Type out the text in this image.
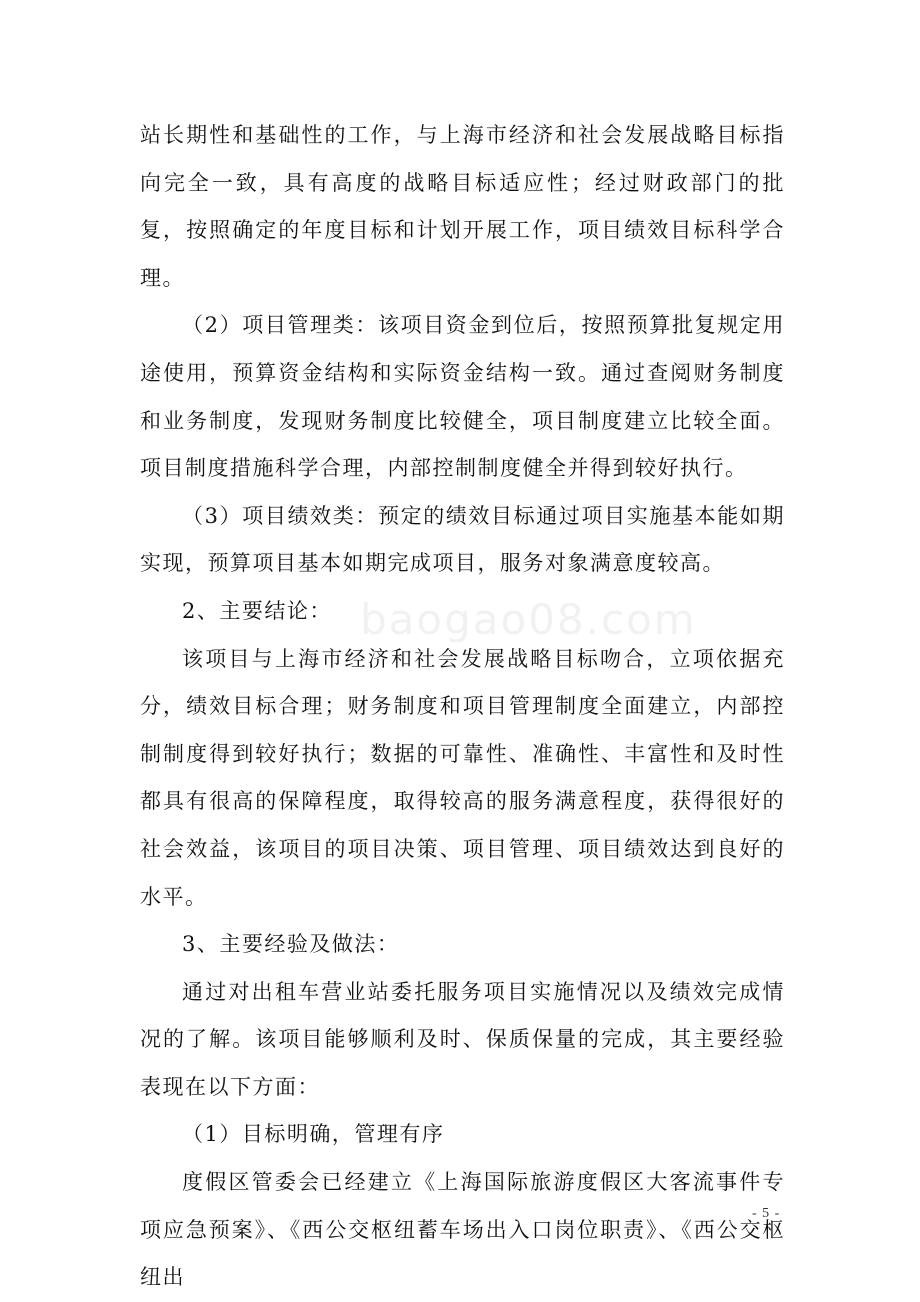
baogao08.com

站长期性和基础性的工作，与上海市经济和社会发展战略目标指向完全一致，具有高度的战略目标适应性；经过财政部门的批复，按照确定的年度目标和计划开展工作，项目绩效目标科学合理。

（2）项目管理类：该项目资金到位后，按照预算批复规定用途使用，预算资金结构和实际资金结构一致。通过查阅财务制度和业务制度，发现财务制度比较健全，项目制度建立比较全面。项目制度措施科学合理，内部控制制度健全并得到较好执行。

（3）项目绩效类：预定的绩效目标通过项目实施基本能如期实现，预算项目基本如期完成项目，服务对象满意度较高。

2、主要结论：

该项目与上海市经济和社会发展战略目标吻合，立项依据充分，绩效目标合理；财务制度和项目管理制度全面建立，内部控制制度得到较好执行；数据的可靠性、准确性、丰富性和及时性都具有很高的保障程度，取得较高的服务满意程度，获得很好的社会效益，该项目的项目决策、项目管理、项目绩效达到良好的水平。

3、主要经验及做法：

通过对出租车营业站委托服务项目实施情况以及绩效完成情况的了解。该项目能够顺利及时、保质保量的完成，其主要经验表现在以下方面：

（1）目标明确，管理有序

度假区管委会已经建立《上海国际旅游度假区大客流事件专项应急预案》、《西公交枢纽蓄车场出入口岗位职责》、《西公交枢纽出

- 5 -
